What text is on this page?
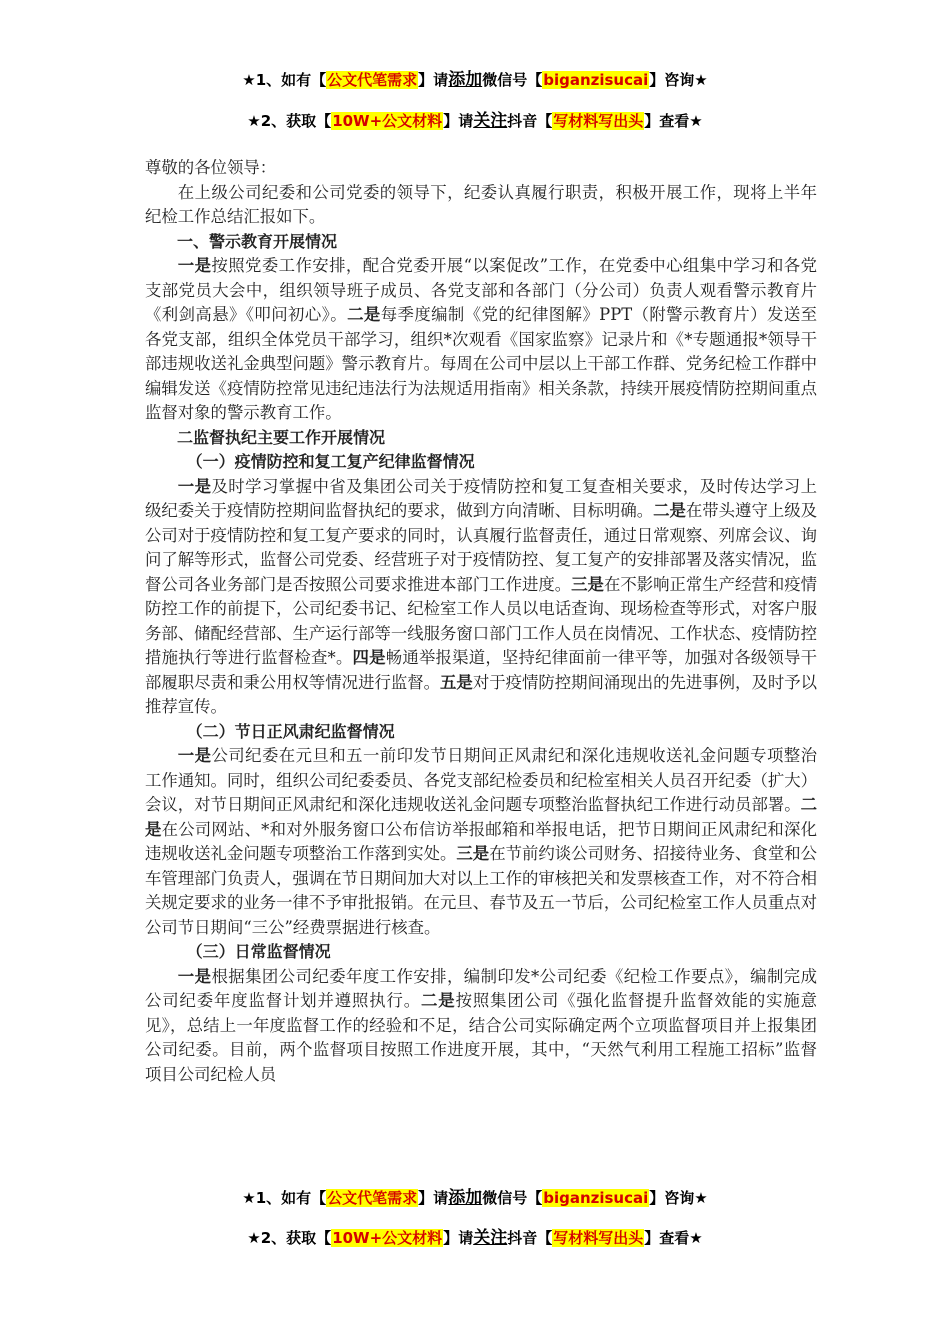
★1、如有【公文代笔需求】请添加微信号【biganzisucai】咨询★
★2、获取【10W+公文材料】请关注抖音【写材料写出头】查看★

尊敬的各位领导：

在上级公司纪委和公司党委的领导下，纪委认真履行职责，积极开展工作，现将上半年纪检工作总结汇报如下。

一、警示教育开展情况

一是按照党委工作安排，配合党委开展“以案促改”工作，在党委中心组集中学习和各党支部党员大会中，组织领导班子成员、各党支部和各部门（分公司）负责人观看警示教育片《利剑高悬》《叩问初心》。二是每季度编制《党的纪律图解》PPT（附警示教育片）发送至各党支部，组织全体党员干部学习，组织*次观看《国家监察》记录片和《*专题通报*领导干部违规收送礼金典型问题》警示教育片。每周在公司中层以上干部工作群、党务纪检工作群中编辑发送《疫情防控常见违纪违法行为法规适用指南》相关条款，持续开展疫情防控期间重点监督对象的警示教育工作。

二监督执纪主要工作开展情况

（一）疫情防控和复工复产纪律监督情况

一是及时学习掌握中省及集团公司关于疫情防控和复工复查相关要求，及时传达学习上级纪委关于疫情防控期间监督执纪的要求，做到方向清晰、目标明确。二是在带头遵守上级及公司对于疫情防控和复工复产要求的同时，认真履行监督责任，通过日常观察、列席会议、询问了解等形式，监督公司党委、经营班子对于疫情防控、复工复产的安排部署及落实情况，监督公司各业务部门是否按照公司要求推进本部门工作进度。三是在不影响正常生产经营和疫情防控工作的前提下，公司纪委书记、纪检室工作人员以电话查询、现场检查等形式，对客户服务部、储配经营部、生产运行部等一线服务窗口部门工作人员在岗情况、工作状态、疫情防控措施执行等进行监督检查*。四是畅通举报渠道，坚持纪律面前一律平等，加强对各级领导干部履职尽责和秉公用权等情况进行监督。五是对于疫情防控期间涌现出的先进事例，及时予以推荐宣传。

（二）节日正风肃纪监督情况

一是公司纪委在元旦和五一前印发节日期间正风肃纪和深化违规收送礼金问题专项整治工作通知。同时，组织公司纪委委员、各党支部纪检委员和纪检室相关人员召开纪委（扩大）会议，对节日期间正风肃纪和深化违规收送礼金问题专项整治监督执纪工作进行动员部署。二是在公司网站、*和对外服务窗口公布信访举报邮箱和举报电话，把节日期间正风肃纪和深化违规收送礼金问题专项整治工作落到实处。三是在节前约谈公司财务、招接待业务、食堂和公车管理部门负责人，强调在节日期间加大对以上工作的审核把关和发票核查工作，对不符合相关规定要求的业务一律不予审批报销。在元旦、春节及五一节后，公司纪检室工作人员重点对公司节日期间“三公”经费票据进行核查。

（三）日常监督情况

一是根据集团公司纪委年度工作安排，编制印发*公司纪委《纪检工作要点》，编制完成公司纪委年度监督计划并遵照执行。二是按照集团公司《强化监督提升监督效能的实施意见》，总结上一年度监督工作的经验和不足，结合公司实际确定两个立项监督项目并上报集团公司纪委。目前，两个监督项目按照工作进度开展，其中，“天然气利用工程施工招标”监督项目公司纪检人员

★1、如有【公文代笔需求】请添加微信号【biganzisucai】咨询★
★2、获取【10W+公文材料】请关注抖音【写材料写出头】查看★
